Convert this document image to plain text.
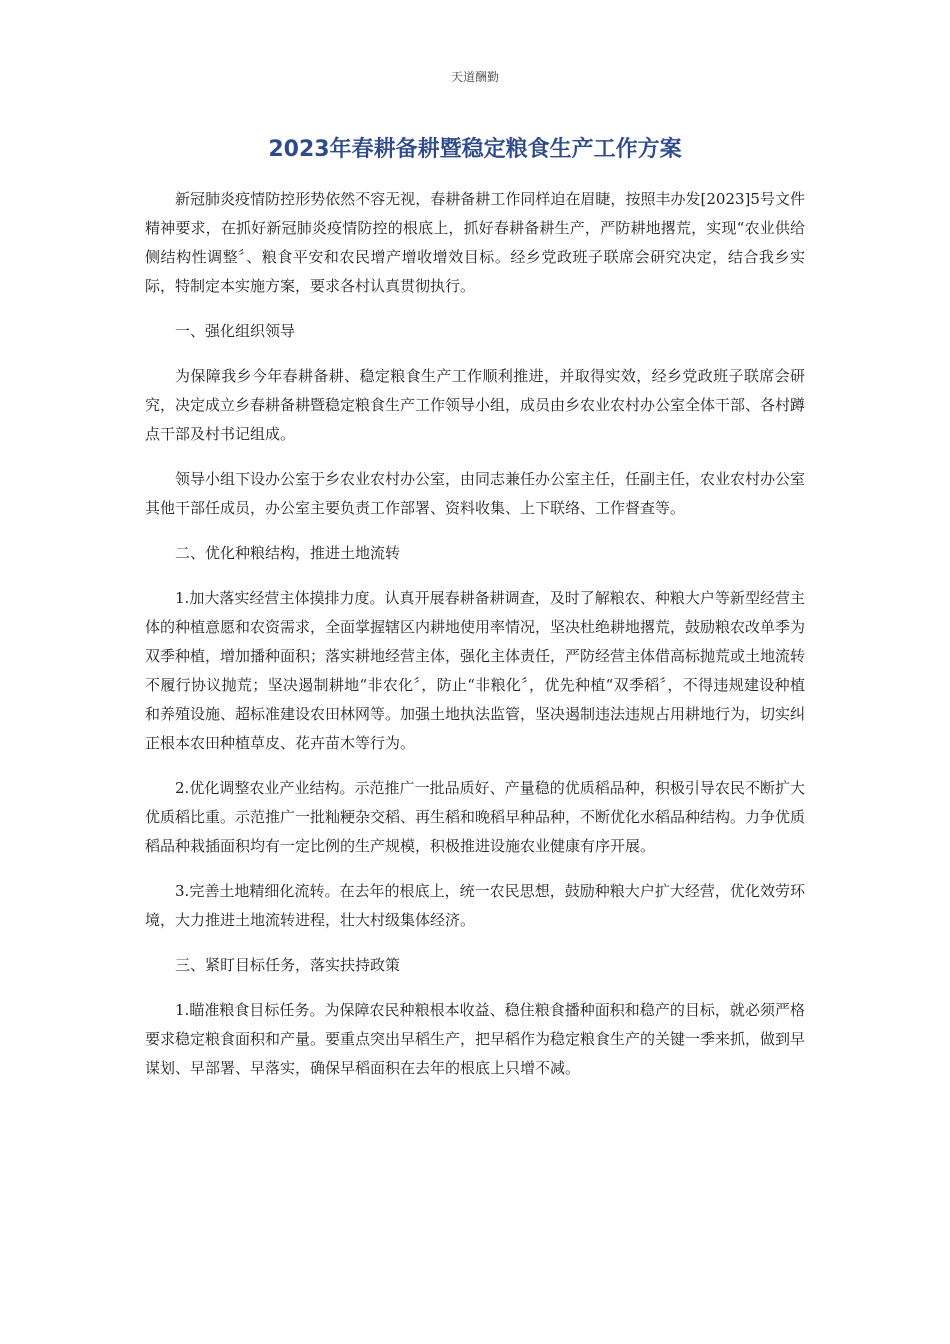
天道酬勤
2023年春耕备耕暨稳定粮食生产工作方案

新冠肺炎疫情防控形势依然不容无视，春耕备耕工作同样迫在眉睫，按照丰办发[2023]5号文件精神要求，在抓好新冠肺炎疫情防控的根底上，抓好春耕备耕生产，严防耕地撂荒，实现“农业供给侧结构性调整〞、粮食平安和农民增产增收增效目标。经乡党政班子联席会研究决定，结合我乡实际，特制定本实施方案，要求各村认真贯彻执行。

一、强化组织领导

为保障我乡今年春耕备耕、稳定粮食生产工作顺利推进，并取得实效，经乡党政班子联席会研究，决定成立乡春耕备耕暨稳定粮食生产工作领导小组，成员由乡农业农村办公室全体干部、各村蹲点干部及村书记组成。

领导小组下设办公室于乡农业农村办公室，由同志兼任办公室主任，任副主任，农业农村办公室其他干部任成员，办公室主要负责工作部署、资料收集、上下联络、工作督查等。

二、优化种粮结构，推进土地流转

1.加大落实经营主体摸排力度。认真开展春耕备耕调查，及时了解粮农、种粮大户等新型经营主体的种植意愿和农资需求，全面掌握辖区内耕地使用率情况，坚决杜绝耕地撂荒，鼓励粮农改单季为双季种植，增加播种面积；落实耕地经营主体，强化主体责任，严防经营主体借高标抛荒或土地流转不履行协议抛荒；坚决遏制耕地“非农化〞，防止“非粮化〞，优先种植“双季稻〞，不得违规建设种植和养殖设施、超标准建设农田林网等。加强土地执法监管，坚决遏制违法违规占用耕地行为，切实纠正根本农田种植草皮、花卉苗木等行为。

2.优化调整农业产业结构。示范推广一批品质好、产量稳的优质稻品种，积极引导农民不断扩大优质稻比重。示范推广一批籼粳杂交稻、再生稻和晚稻早种品种，不断优化水稻品种结构。力争优质稻品种栽插面积均有一定比例的生产规模，积极推进设施农业健康有序开展。

3.完善土地精细化流转。在去年的根底上，统一农民思想，鼓励种粮大户扩大经营，优化效劳环境，大力推进土地流转进程，壮大村级集体经济。

三、紧盯目标任务，落实扶持政策

1.瞄准粮食目标任务。为保障农民种粮根本收益、稳住粮食播种面积和稳产的目标，就必须严格要求稳定粮食面积和产量。要重点突出早稻生产，把早稻作为稳定粮食生产的关键一季来抓，做到早谋划、早部署、早落实，确保早稻面积在去年的根底上只增不减。
